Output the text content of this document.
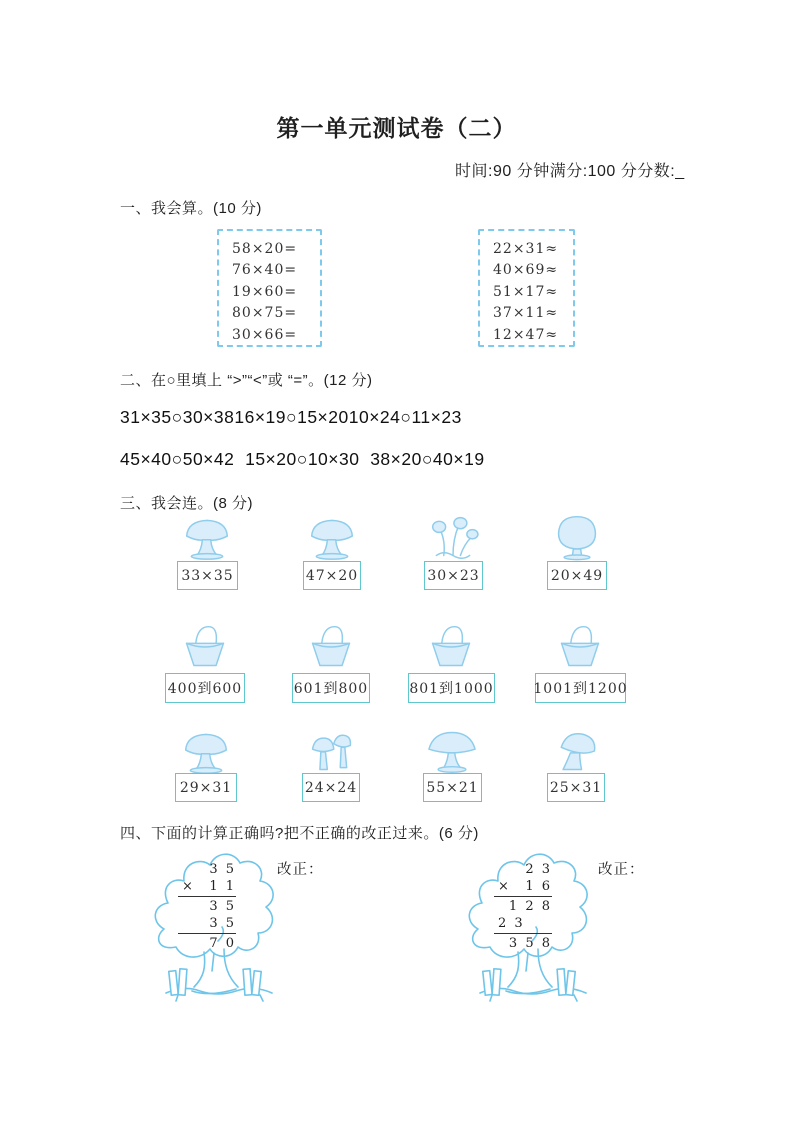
第一单元测试卷（二）
时间:90 分钟满分:100 分分数:_
一、我会算。(10 分)
58×20=
76×40=
19×60=
80×75=
30×66=
22×31≈
40×69≈
51×17≈
37×11≈
12×47≈
二、在○里填上 “>”“<”或 “=”。(12 分)
31×35○30×3816×19○15×2010×24○11×23
45×40○50×42  15×20○10×30  38×20○40×19
三、我会连。(8 分)
33×35	47×20	30×23	20×49
400到600	601到800	801到1000	1001到1200
29×31	24×24	55×21	25×31
四、下面的计算正确吗?把不正确的改正过来。(6 分)
3 5
× 1 1
3 5
3 5
7 0
改正：	2 3
× 1 6
1 2 8
2 3
3 5 8
改正：
